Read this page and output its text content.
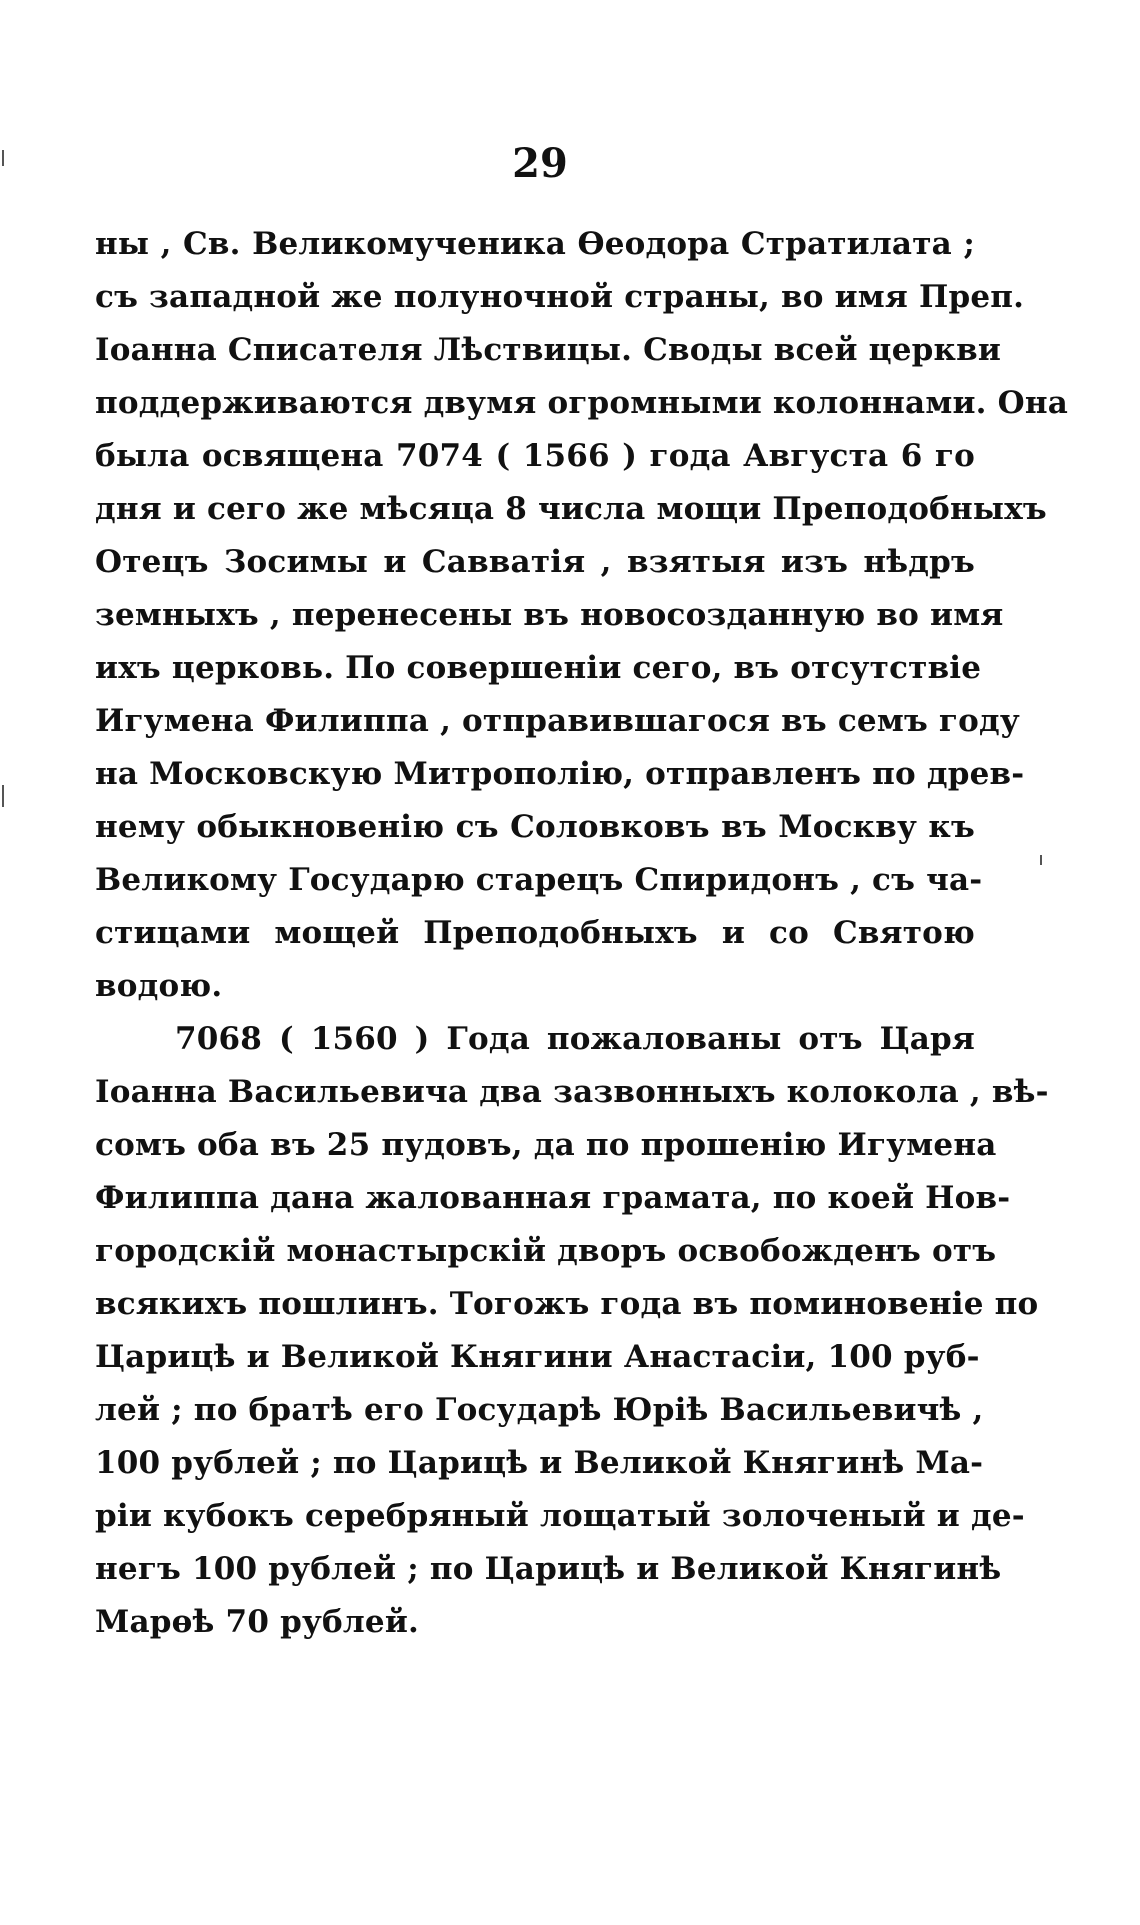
29
ны , Св. Великомученика Өеодора Стратилата ;
съ западной же полуночной страны, во имя Преп.
Іоанна Списателя Лѣствицы. Своды всей церкви
поддерживаются двумя огромными колоннами. Она
была освящена 7074 ( 1566 ) года Августа 6 го
дня и сего же мѣсяца 8 числа мощи Преподобныхъ
Отецъ Зосимы и Савватія , взятыя изъ нѣдръ
земныхъ , перенесены въ новосозданную во имя
ихъ церковь. По совершеніи сего, въ отсутствіе
Игумена Филиппа , отправившагося въ семъ году
на Московскую Митрополію, отправленъ по древ-
нему обыкновенію съ Соловковъ въ Москву къ
Великому Государю старецъ Спиридонъ , съ ча-
стицами мощей Преподобныхъ и со Святою
водою.
7068 ( 1560 ) Года пожалованы отъ Царя
Іоанна Васильевича два зазвонныхъ колокола , вѣ-
сомъ оба въ 25 пудовъ, да по прошенію Игумена
Филиппа дана жалованная грамата, по коей Нов-
городскій монастырскій дворъ освобожденъ отъ
всякихъ пошлинъ. Тогожъ года въ поминовеніе по
Царицѣ и Великой Княгини Анастасіи, 100 руб-
лей ; по братѣ его Государѣ Юріѣ Васильевичѣ ,
100 рублей ; по Царицѣ и Великой Княгинѣ Ма-
ріи кубокъ серебряный лощатый золоченый и де-
негъ 100 рублей ; по Царицѣ и Великой Княгинѣ
Марөѣ 70 рублей.
